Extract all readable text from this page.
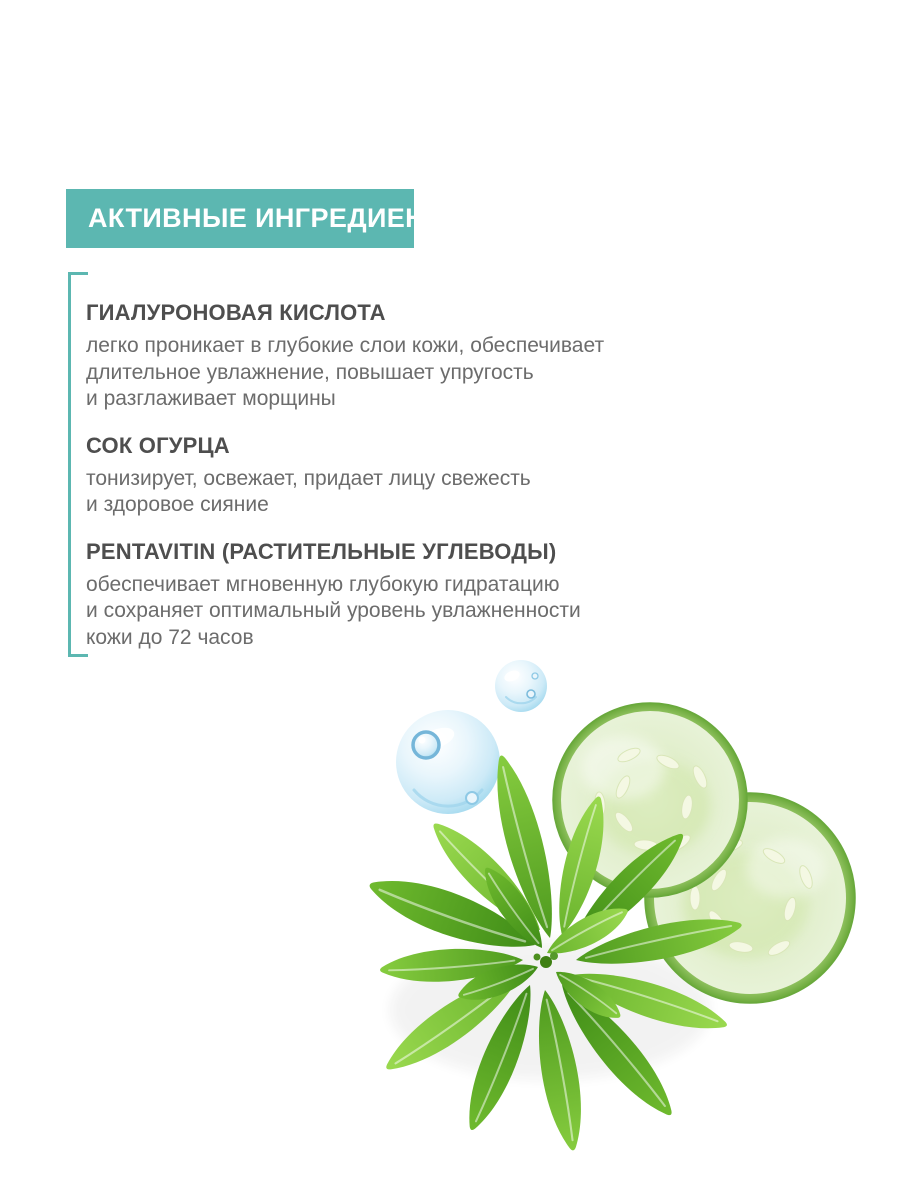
АКТИВНЫЕ ИНГРЕДИЕНТЫ
ГИАЛУРОНОВАЯ КИСЛОТА
легко проникает в глубокие слои кожи, обеспечивает
длительное увлажнение, повышает упругость
и разглаживает морщины
СОК ОГУРЦА
тонизирует, освежает, придает лицу свежесть
и здоровое сияние
PENTAVITIN (РАСТИТЕЛЬНЫЕ УГЛЕВОДЫ)
обеспечивает мгновенную глубокую гидратацию
и сохраняет оптимальный уровень увлажненности
кожи до 72 часов
